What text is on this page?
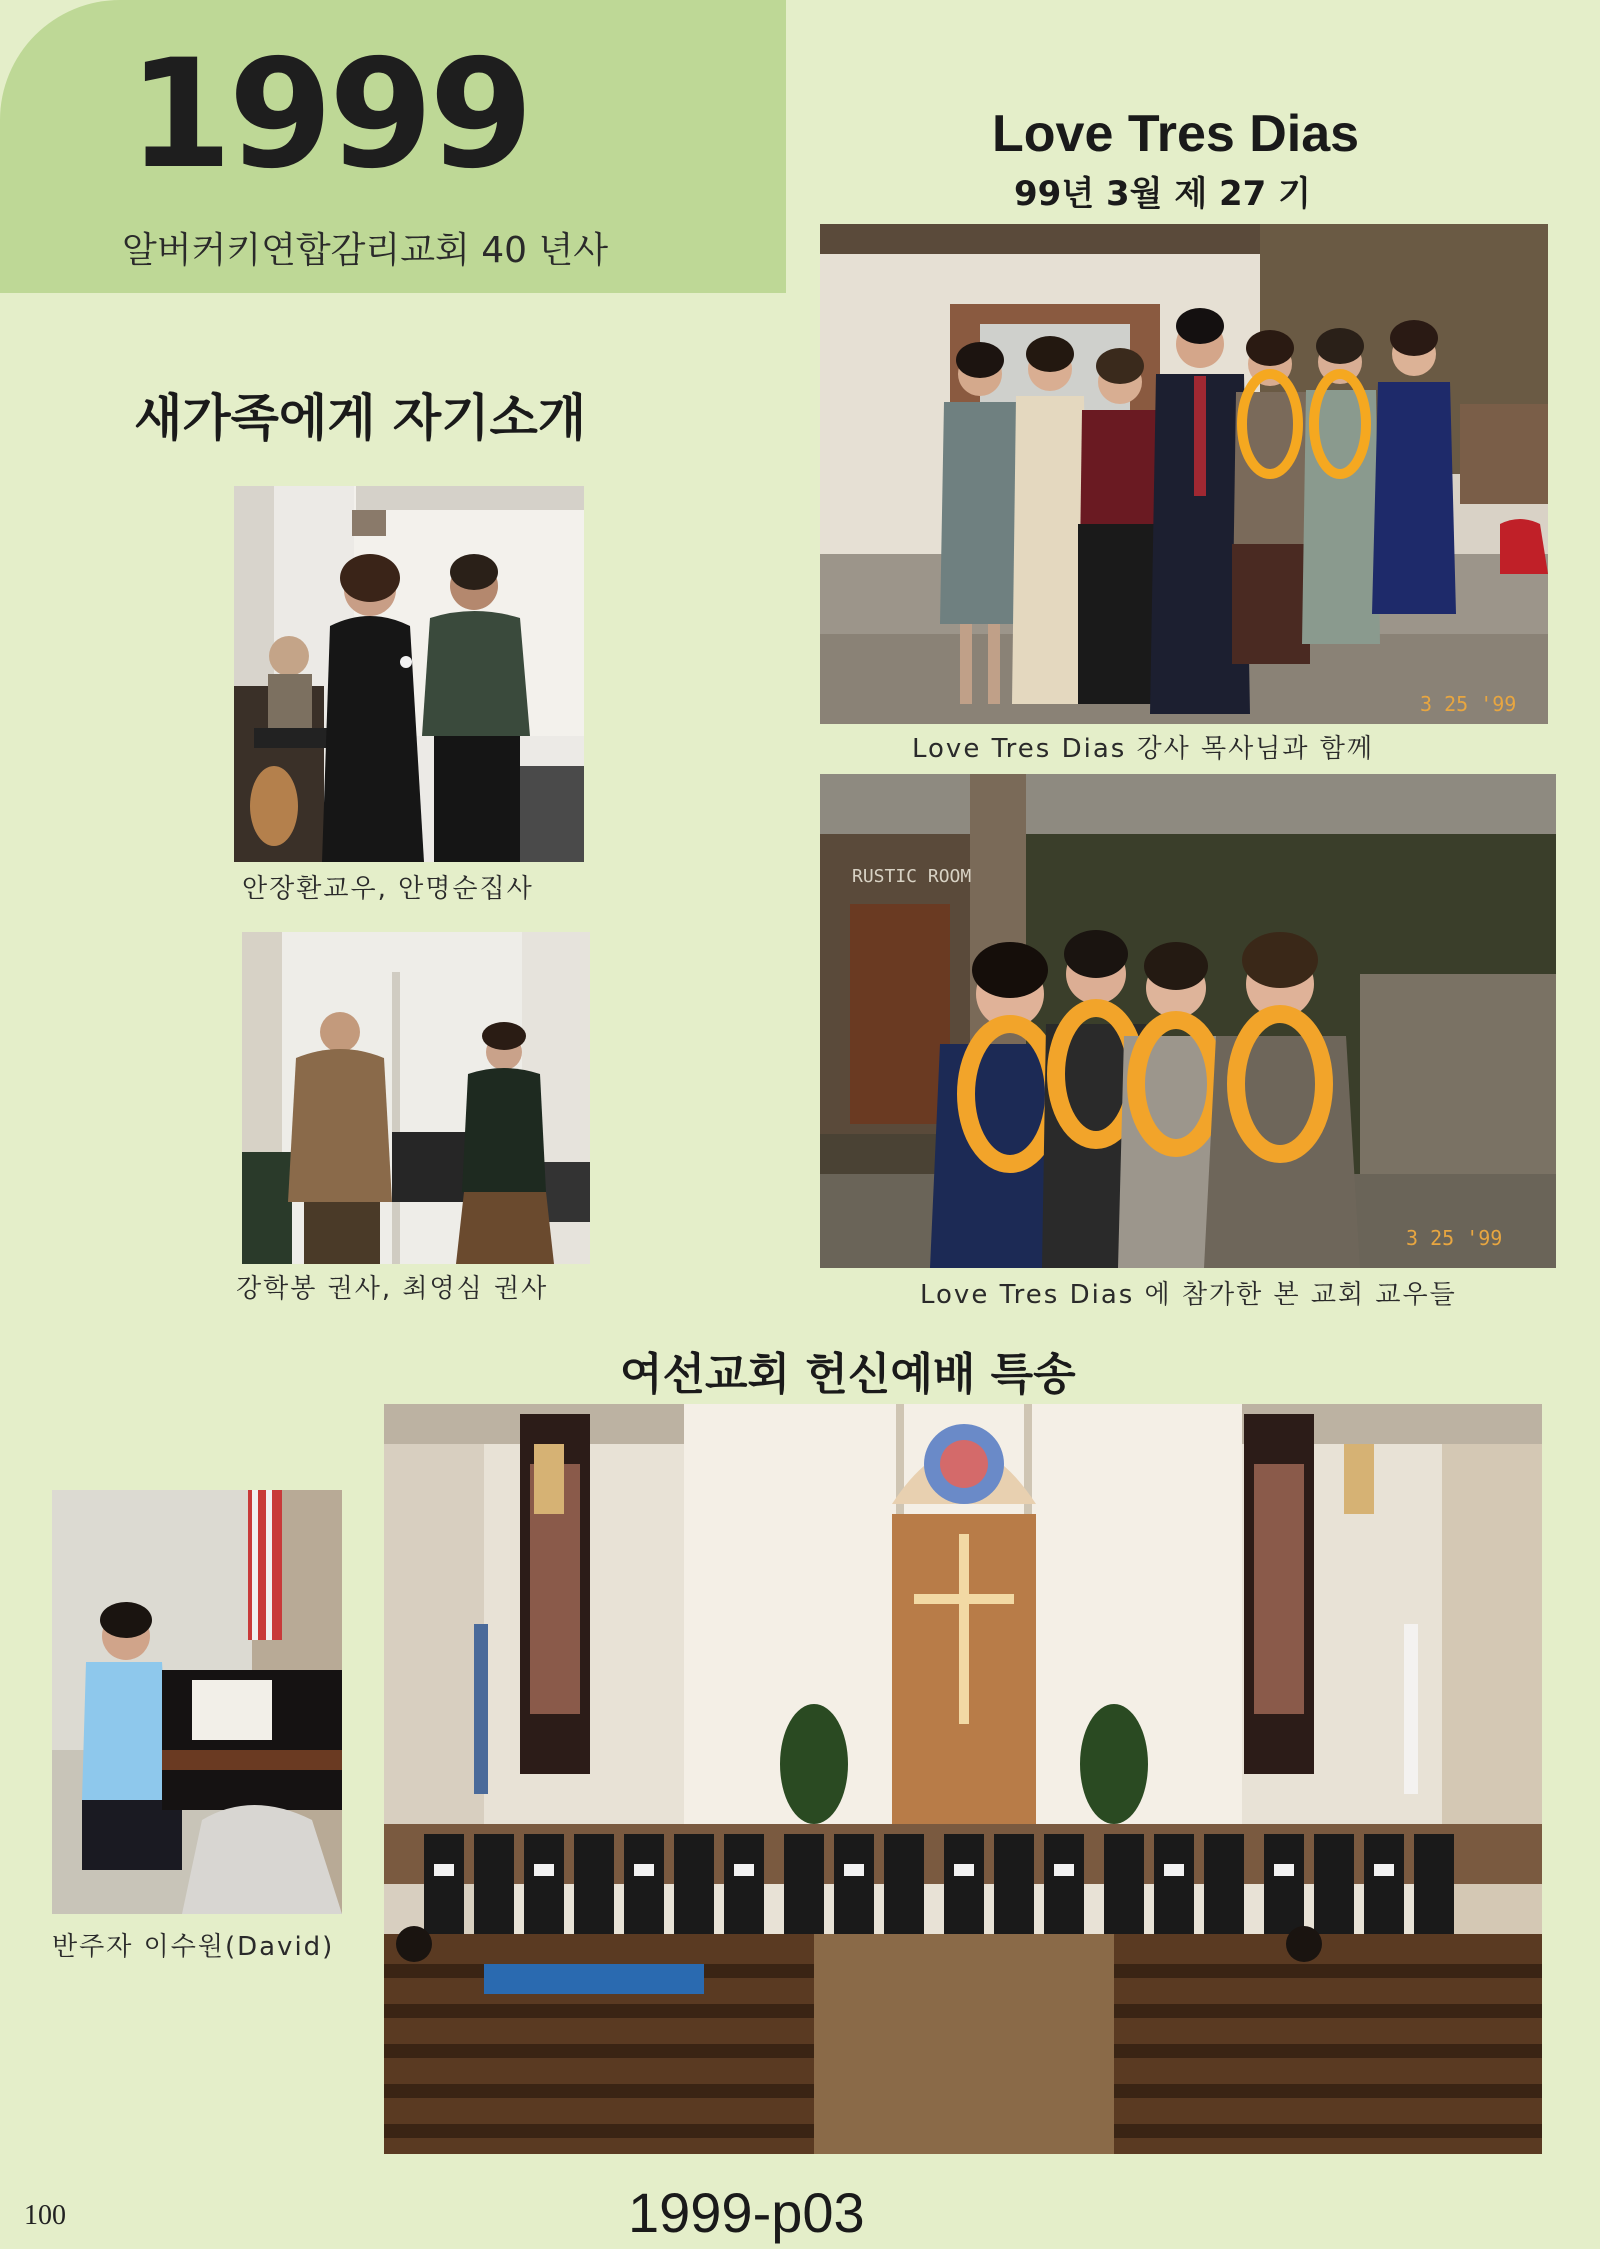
1999
알버커키연합감리교회 40 년사
새가족에게 자기소개
Love Tres Dias
99년 3월 제 27 기
안장환교우, 안명순집사
강학봉 권사, 최영심 권사
3 25 '99
Love Tres Dias 강사 목사님과 함께
RUSTIC ROOM
3 25 '99
Love Tres Dias 에 참가한 본 교회 교우들
여선교회 헌신예배 특송
반주자 이수원(David)
100	1999-p03
